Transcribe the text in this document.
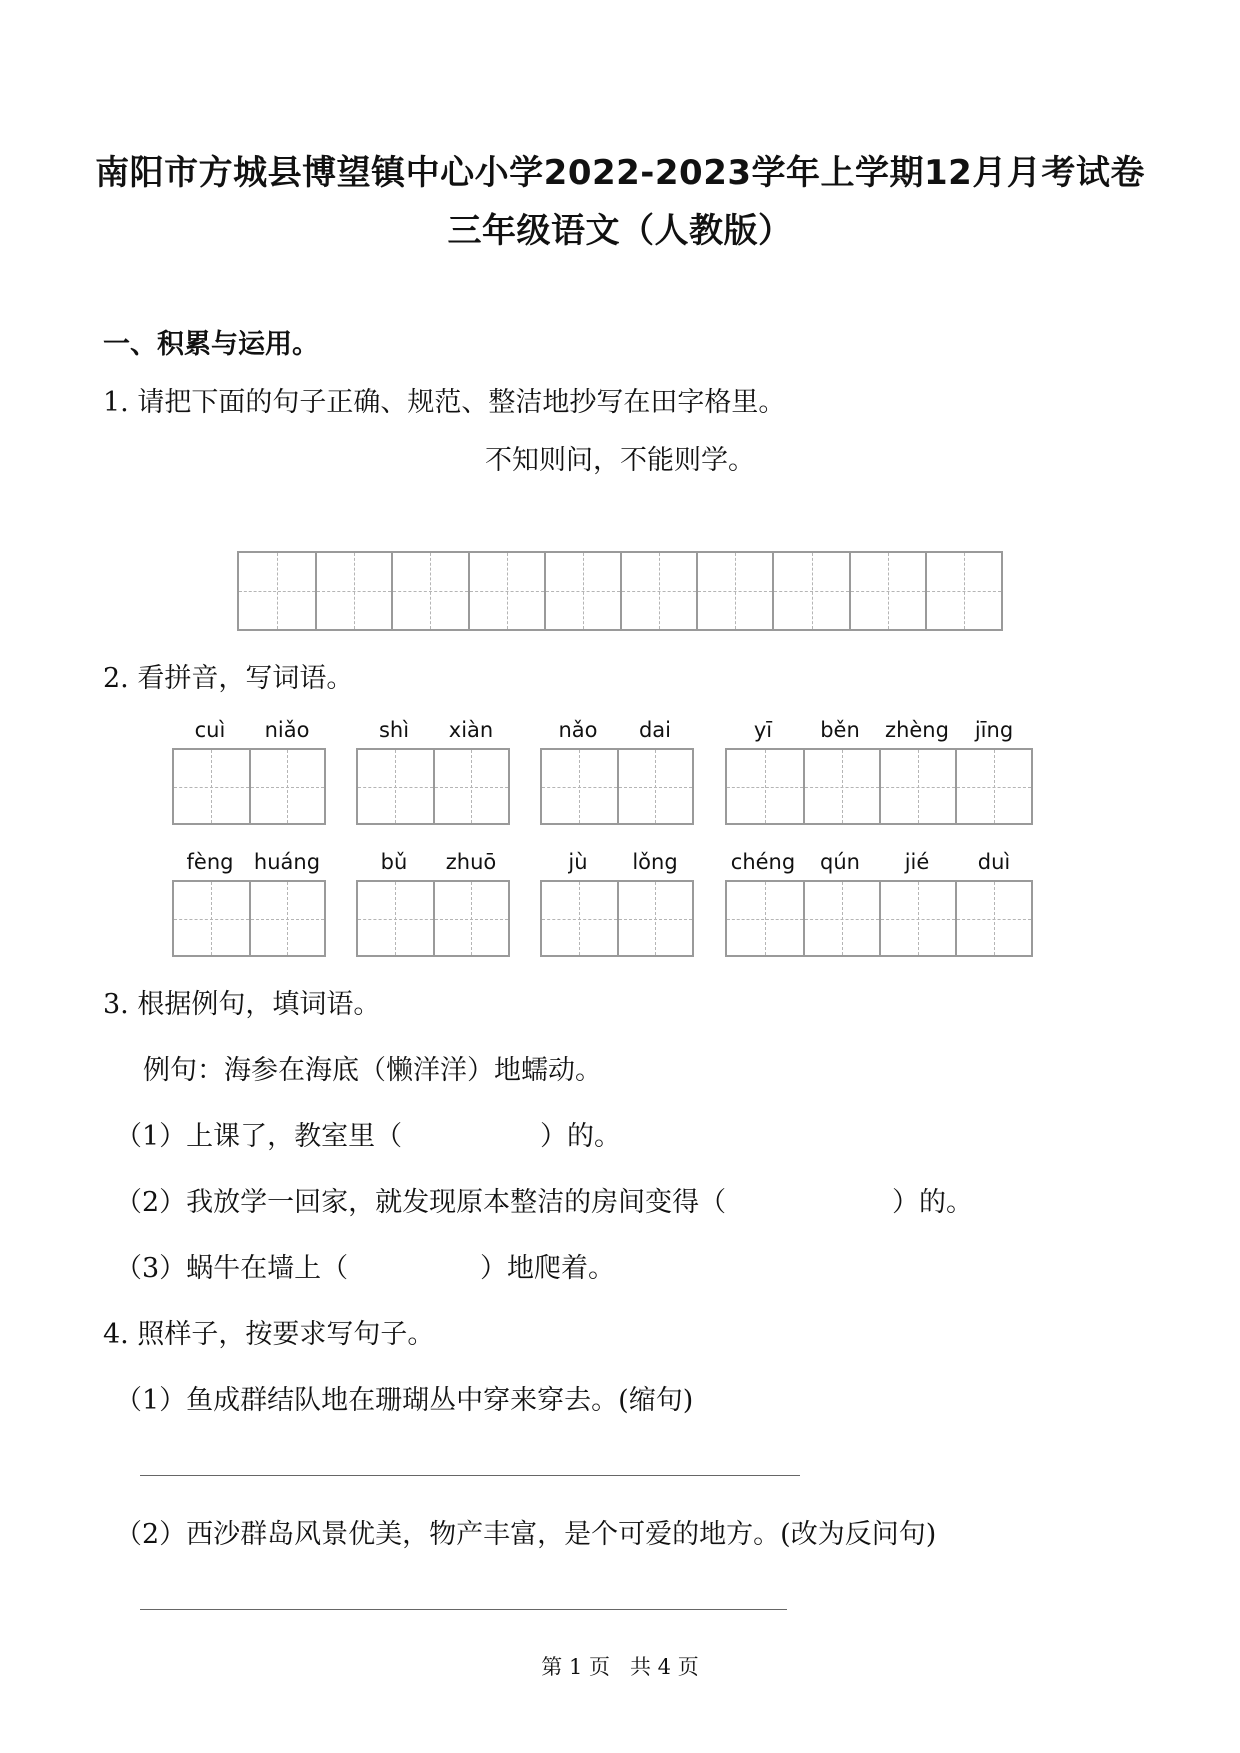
南阳市方城县博望镇中心小学2022-2023学年上学期12月月考试卷
三年级语文（人教版）
一、积累与运用。
1. 请把下面的句子正确、规范、整洁地抄写在田字格里。
不知则问，不能则学。
2. 看拼音，写词语。
cuì	niǎo	shì	xiàn	nǎo	dai	yī	běn	zhèng	jīng
fèng huáng	bǔ	zhuō	jù	lǒng	chéng	qún	jié	duì
3. 根据例句，填词语。
例句：海参在海底（懒洋洋）地蠕动。
（1）上课了，教室里（	）的。
（2）我放学一回家，就发现原本整洁的房间变得（	）的。
（3）蜗牛在墙上（	）地爬着。
4. 照样子，按要求写句子。
（1）鱼成群结队地在珊瑚丛中穿来穿去。(缩句)
（2）西沙群岛风景优美，物产丰富，是个可爱的地方。(改为反问句)
第 1 页   共 4 页
